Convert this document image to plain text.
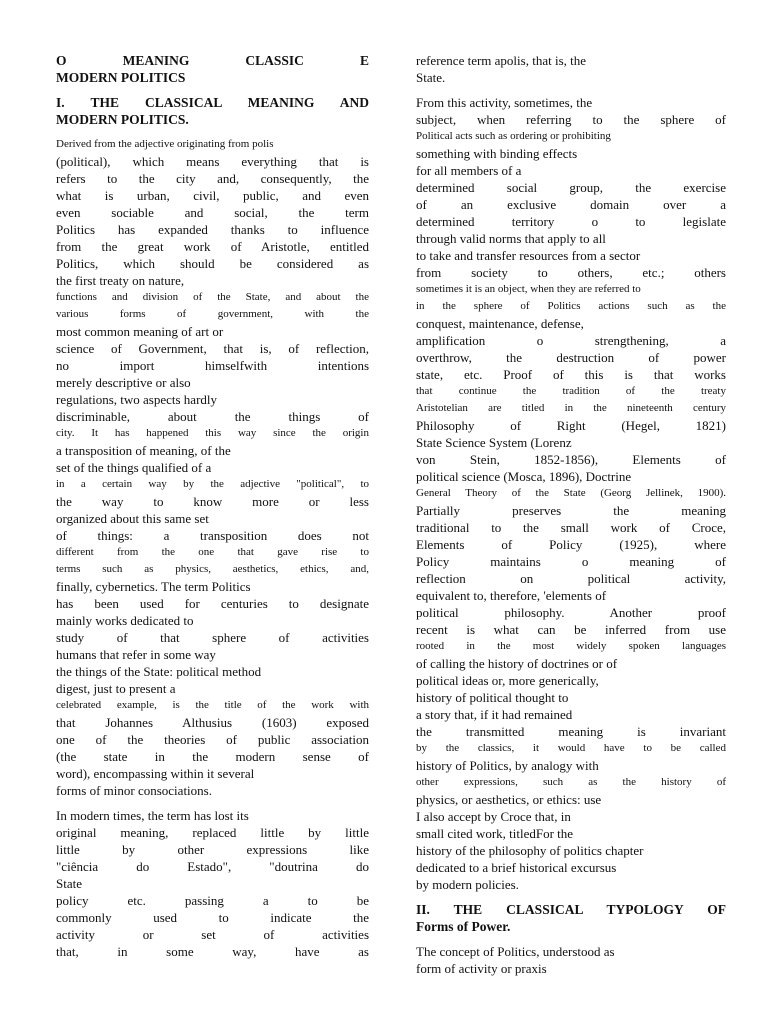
O MEANING CLASSIC E
MODERN POLITICS
I. THE CLASSICAL MEANING AND
MODERN POLITICS.
Derived from the adjective originating from polis
(political), which means everything that is
refers to the city and, consequently, the
what is urban, civil, public, and even
even sociable and social, the term
Politics has expanded thanks to influence
from the great work of Aristotle, entitled
Politics, which should be considered as
the first treaty on nature,
functions and division of the State, and about the
various forms of government, with the
most common meaning of art or
science of Government, that is, of reflection,
no import himselfwith intentions
merely descriptive or also
regulations, two aspects hardly
discriminable, about the things of
city. It has happened this way since the origin
a transposition of meaning, of the
set of the things qualified of a
in a certain way by the adjective "political", to
the way to know more or less
organized about this same set
of things: a transposition does not
different from the one that gave rise to
terms such as physics, aesthetics, ethics, and,
finally, cybernetics. The term Politics
has been used for centuries to designate
mainly works dedicated to
study of that sphere of activities
humans that refer in some way
the things of the State: political method
digest, just to present a
celebrated example, is the title of the work with
that Johannes Althusius (1603) exposed
one of the theories of public association
(the state in the modern sense of
word), encompassing within it several
forms of minor consociations.
In modern times, the term has lost its
original meaning, replaced little by little
little by other expressions like
"ciência do Estado", "doutrina do
State
policy etc. passing a to be
commonly used to indicate the
activity or set of activities
that, in some way, have as
reference term apolis, that is, the
State.
From this activity, sometimes, the
subject, when referring to the sphere of
Political acts such as ordering or prohibiting
something with binding effects
for all members of a
determined social group, the exercise
of an exclusive domain over a
determined territory o to legislate
through valid norms that apply to all
to take and transfer resources from a sector
from society to others, etc.; others
sometimes it is an object, when they are referred to
in the sphere of Politics actions such as the
conquest, maintenance, defense,
amplification o strengthening, a
overthrow, the destruction of power
state, etc. Proof of this is that works
that continue the tradition of the treaty
Aristotelian are titled in the nineteenth century
Philosophy of Right (Hegel, 1821)
State Science System (Lorenz
von Stein, 1852-1856), Elements of
political science (Mosca, 1896), Doctrine
General Theory of the State (Georg Jellinek, 1900).
Partially preserves the meaning
traditional to the small work of Croce,
Elements of Policy (1925), where
Policy maintains o meaning of
reflection on political activity,
equivalent to, therefore, 'elements of
political philosophy. Another proof
recent is what can be inferred from use
rooted in the most widely spoken languages
of calling the history of doctrines or of
political ideas or, more generically,
history of political thought to
a story that, if it had remained
the transmitted meaning is invariant
by the classics, it would have to be called
history of Politics, by analogy with
other expressions, such as the history of
physics, or aesthetics, or ethics: use
I also accept by Croce that, in
small cited work, titledFor the
history of the philosophy of politics chapter
dedicated to a brief historical excursus
by modern policies.
II. THE CLASSICAL TYPOLOGY OF
Forms of Power.
The concept of Politics, understood as
form of activity or praxis
